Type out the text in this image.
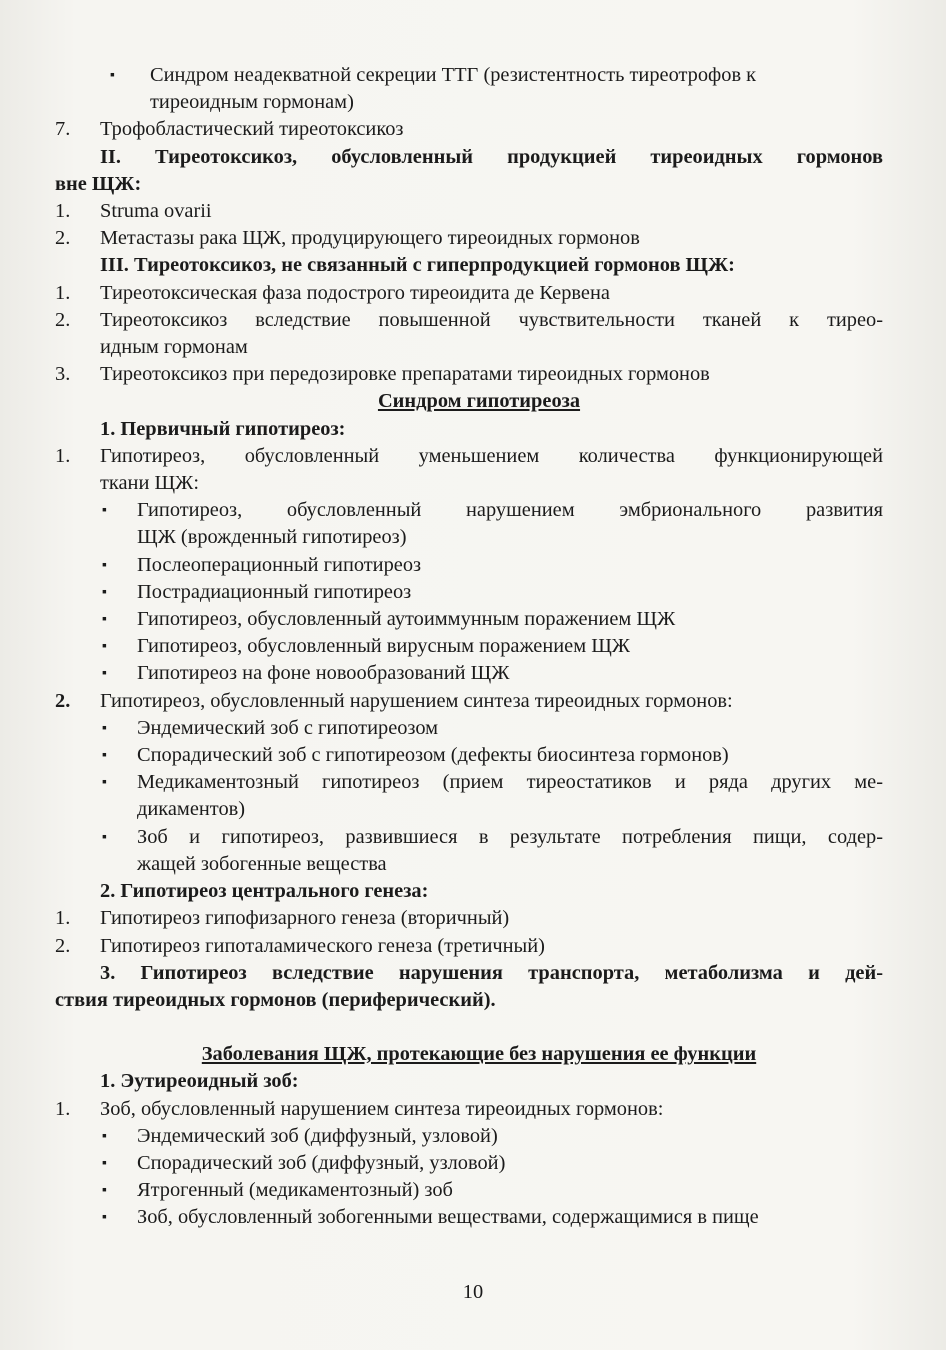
▪ Синдром неадекватной секреции ТТГ (резистентность тиреотрофов к
тиреоидным гормонам)
7. Трофобластический тиреотоксикоз
II. Тиреотоксикоз, обусловленный продукцией тиреоидных гормонов
вне ЩЖ:
1. Struma ovarii
2. Метастазы рака ЩЖ, продуцирующего тиреоидных гормонов
III. Тиреотоксикоз, не связанный с гиперпродукцией гормонов ЩЖ:
1. Тиреотоксическая фаза подострого тиреоидита де Кервена
2. Тиреотоксикоз вследствие повышенной чувствительности тканей к тирео-
идным гормонам
3. Тиреотоксикоз при передозировке препаратами тиреоидных гормонов
Синдром гипотиреоза
1. Первичный гипотиреоз:
1. Гипотиреоз, обусловленный уменьшением количества функционирующей
ткани ЩЖ:
▪ Гипотиреоз, обусловленный нарушением эмбрионального развития
ЩЖ (врожденный гипотиреоз)
▪ Послеоперационный гипотиреоз
▪ Пострадиационный гипотиреоз
▪ Гипотиреоз, обусловленный аутоиммунным поражением ЩЖ
▪ Гипотиреоз, обусловленный вирусным поражением ЩЖ
▪ Гипотиреоз на фоне новообразований ЩЖ
2. Гипотиреоз, обусловленный нарушением синтеза тиреоидных гормонов:
▪ Эндемический зоб с гипотиреозом
▪ Спорадический зоб с гипотиреозом (дефекты биосинтеза гормонов)
▪ Медикаментозный гипотиреоз (прием тиреостатиков и ряда других ме-
дикаментов)
▪ Зоб и гипотиреоз, развившиеся в результате потребления пищи, содер-
жащей зобогенные вещества
2. Гипотиреоз центрального генеза:
1. Гипотиреоз гипофизарного генеза (вторичный)
2. Гипотиреоз гипоталамического генеза (третичный)
3. Гипотиреоз вследствие нарушения транспорта, метаболизма и дей-
ствия тиреоидных гормонов (периферический).
Заболевания ЩЖ, протекающие без нарушения ее функции
1. Эутиреоидный зоб:
1. Зоб, обусловленный нарушением синтеза тиреоидных гормонов:
▪ Эндемический зоб (диффузный, узловой)
▪ Спорадический зоб (диффузный, узловой)
▪ Ятрогенный (медикаментозный) зоб
▪ Зоб, обусловленный зобогенными веществами, содержащимися в пище
10
